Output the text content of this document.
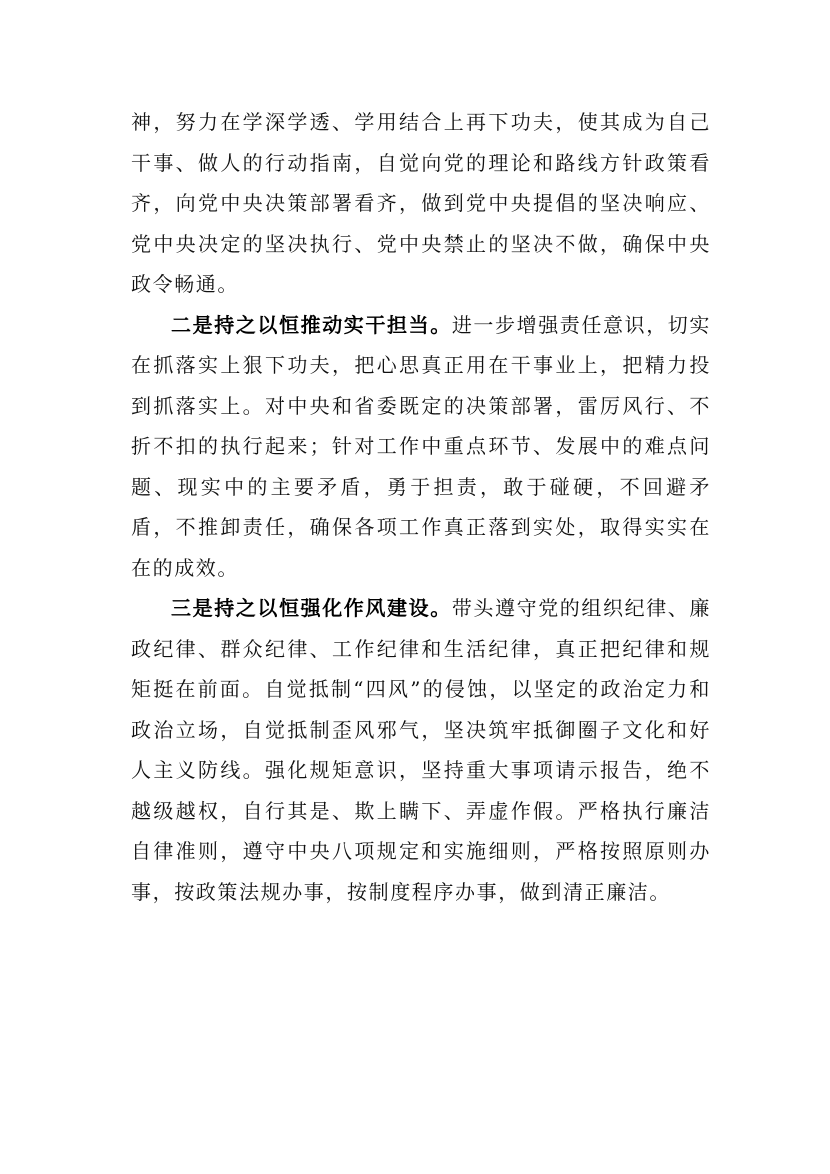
神，努力在学深学透、学用结合上再下功夫，使其成为自己干事、做人的行动指南，自觉向党的理论和路线方针政策看齐，向党中央决策部署看齐，做到党中央提倡的坚决响应、党中央决定的坚决执行、党中央禁止的坚决不做，确保中央政令畅通。

二是持之以恒推动实干担当。进一步增强责任意识，切实在抓落实上狠下功夫，把心思真正用在干事业上，把精力投到抓落实上。对中央和省委既定的决策部署，雷厉风行、不折不扣的执行起来；针对工作中重点环节、发展中的难点问题、现实中的主要矛盾，勇于担责，敢于碰硬，不回避矛盾，不推卸责任，确保各项工作真正落到实处，取得实实在在的成效。

三是持之以恒强化作风建设。带头遵守党的组织纪律、廉政纪律、群众纪律、工作纪律和生活纪律，真正把纪律和规矩挺在前面。自觉抵制“四风”的侵蚀，以坚定的政治定力和政治立场，自觉抵制歪风邪气，坚决筑牢抵御圈子文化和好人主义防线。强化规矩意识，坚持重大事项请示报告，绝不越级越权，自行其是、欺上瞒下、弄虚作假。严格执行廉洁自律准则，遵守中央八项规定和实施细则，严格按照原则办事，按政策法规办事，按制度程序办事，做到清正廉洁。
